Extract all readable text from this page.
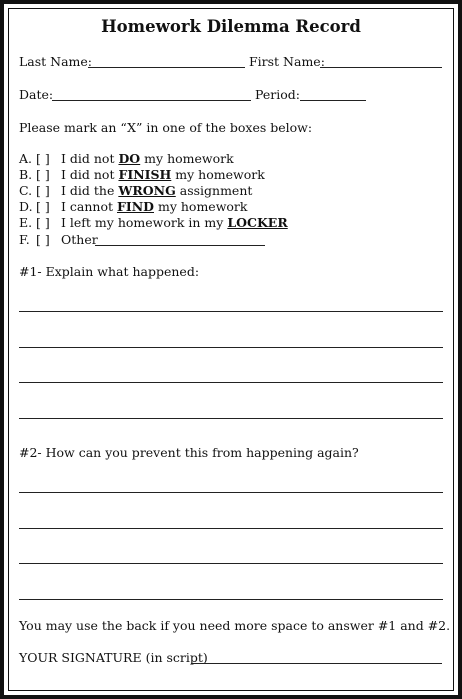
Homework Dilemma Record
Last Name:	First Name:
Date:	Period:
Please mark an “X” in one of the boxes below:
A. [ ] I did not DO my homework
B. [ ] I did not FINISH my homework
C. [ ] I did the WRONG assignment
D. [ ] I cannot FIND my homework
E. [ ] I left my homework in my LOCKER
F. [ ] Other
#1- Explain what happened:
#2- How can you prevent this from happening again?
You may use the back if you need more space to answer #1 and #2.
YOUR SIGNATURE (in script)
